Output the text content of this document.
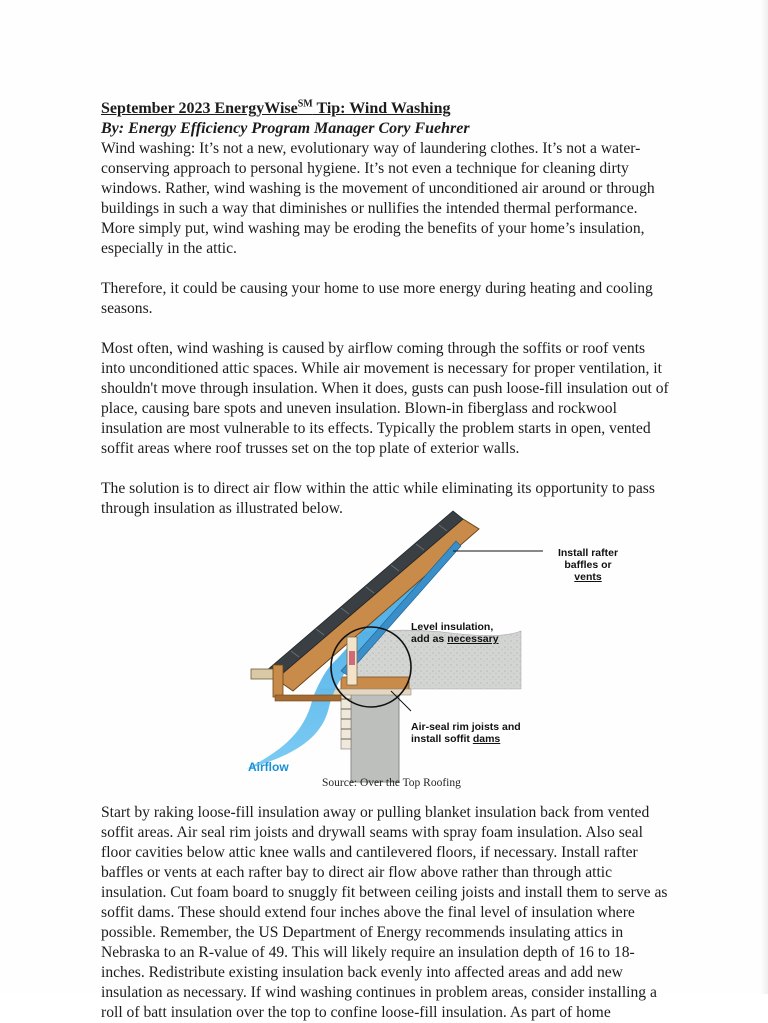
September 2023 EnergyWise℠ Tip: Wind Washing

By: Energy Efficiency Program Manager Cory Fuehrer

Wind washing: It’s not a new, evolutionary way of laundering clothes. It’s not a water-conserving approach to personal hygiene. It’s not even a technique for cleaning dirty windows. Rather, wind washing is the movement of unconditioned air around or through buildings in such a way that diminishes or nullifies the intended thermal performance. More simply put, wind washing may be eroding the benefits of your home’s insulation, especially in the attic.

Therefore, it could be causing your home to use more energy during heating and cooling seasons.

Most often, wind washing is caused by airflow coming through the soffits or roof vents into unconditioned attic spaces. While air movement is necessary for proper ventilation, it shouldn't move through insulation. When it does, gusts can push loose-fill insulation out of place, causing bare spots and uneven insulation. Blown-in fiberglass and rockwool insulation are most vulnerable to its effects. Typically the problem starts in open, vented soffit areas where roof trusses set on the top plate of exterior walls.

The solution is to direct air flow within the attic while eliminating its opportunity to pass through insulation as illustrated below.

Install rafter baffles or vents
Level insulation, add as necessary
Air-seal rim joists and install soffit dams
Airflow
Source: Over the Top Roofing

Start by raking loose-fill insulation away or pulling blanket insulation back from vented soffit areas. Air seal rim joists and drywall seams with spray foam insulation. Also seal floor cavities below attic knee walls and cantilevered floors, if necessary. Install rafter baffles or vents at each rafter bay to direct air flow above rather than through attic insulation. Cut foam board to snuggly fit between ceiling joists and install them to serve as soffit dams. These should extend four inches above the final level of insulation where possible. Remember, the US Department of Energy recommends insulating attics in Nebraska to an R-value of 49. This will likely require an insulation depth of 16 to 18-inches. Redistribute existing insulation back evenly into affected areas and add new insulation as necessary. If wind washing continues in problem areas, consider installing a roll of batt insulation over the top to confine loose-fill insulation. As part of home
